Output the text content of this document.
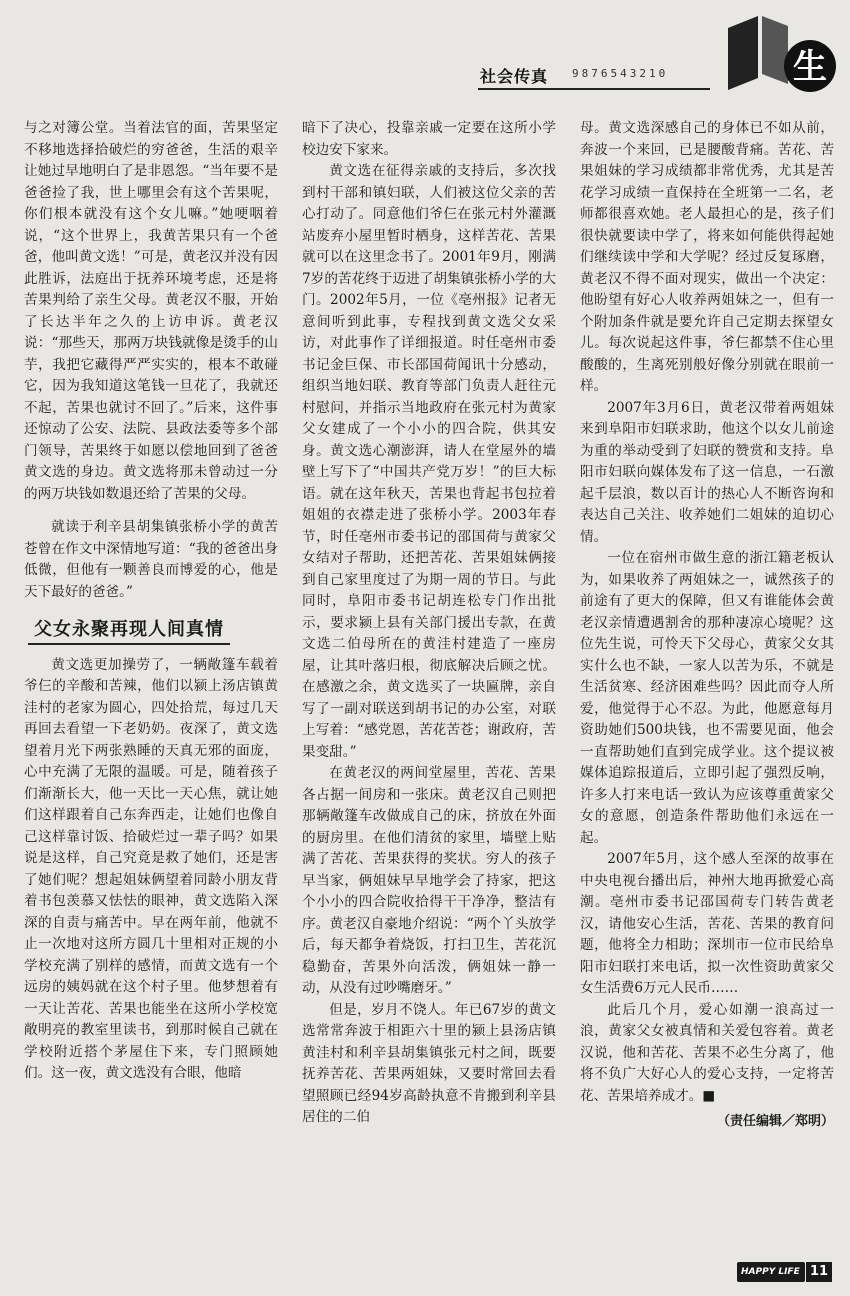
社会传真 9876543210	生

与之对簿公堂。当着法官的面，苦果坚定不移地选择拾破烂的穷爸爸，生活的艰辛让她过早地明白了是非恩怨。“当年要不是爸爸捡了我，世上哪里会有这个苦果呢，你们根本就没有这个女儿嘛。”她哽咽着说，“这个世界上，我黄苦果只有一个爸爸，他叫黄文选！”可是，黄老汉并没有因此胜诉，法庭出于抚养环境考虑，还是将苦果判给了亲生父母。黄老汉不服，开始了长达半年之久的上访申诉。黄老汉说：“那些天，那两万块钱就像是烫手的山芋，我把它藏得严严实实的，根本不敢碰它，因为我知道这笔钱一旦花了，我就还不起，苦果也就讨不回了。”后来，这件事还惊动了公安、法院、县政法委等多个部门领导，苦果终于如愿以偿地回到了爸爸黄文选的身边。黄文选将那未曾动过一分的两万块钱如数退还给了苦果的父母。

就读于利辛县胡集镇张桥小学的黄苦苍曾在作文中深情地写道：“我的爸爸出身低微，但他有一颗善良而博爱的心，他是天下最好的爸爸。”

父女永聚再现人间真情

黄文选更加操劳了，一辆敞篷车载着爷仨的辛酸和苦辣，他们以颍上汤店镇黄洼村的老家为圆心，四处拾荒，每过几天再回去看望一下老奶奶。夜深了，黄文选望着月光下两张熟睡的天真无邪的面庞，心中充满了无限的温暖。可是，随着孩子们渐渐长大，他一天比一天心焦，就让她们这样跟着自己东奔西走，让她们也像自己这样靠讨饭、拾破烂过一辈子吗？如果说是这样，自己究竟是救了她们，还是害了她们呢？想起姐妹俩望着同龄小朋友背着书包羡慕又怯怯的眼神，黄文选陷入深深的自责与痛苦中。早在两年前，他就不止一次地对这所方圆几十里相对正规的小学校充满了别样的感情，而黄文选有一个远房的姨妈就在这个村子里。他梦想着有一天让苦花、苦果也能坐在这所小学校宽敞明亮的教室里读书，到那时候自己就在学校附近搭个茅屋住下来，专门照顾她们。这一夜，黄文选没有合眼，他暗

暗下了决心，投靠亲戚一定要在这所小学校边安下家来。

黄文选在征得亲戚的支持后，多次找到村干部和镇妇联，人们被这位父亲的苦心打动了。同意他们爷仨在张元村外灌溉站废弃小屋里暂时栖身，这样苦花、苦果就可以在这里念书了。2001年9月，刚满7岁的苦花终于迈进了胡集镇张桥小学的大门。2002年5月，一位《亳州报》记者无意间听到此事，专程找到黄文选父女采访，对此事作了详细报道。时任亳州市委书记金巨保、市长邵国荷闻讯十分感动，组织当地妇联、教育等部门负责人赶往元村慰问，并指示当地政府在张元村为黄家父女建成了一个小小的四合院，供其安身。黄文选心潮澎湃，请人在堂屋外的墙壁上写下了“中国共产党万岁！”的巨大标语。就在这年秋天，苦果也背起书包拉着姐姐的衣襟走进了张桥小学。2003年春节，时任亳州市委书记的邵国荷与黄家父女结对子帮助，还把苦花、苦果姐妹俩接到自己家里度过了为期一周的节日。与此同时，阜阳市委书记胡连松专门作出批示，要求颍上县有关部门援出专款，在黄文选二伯母所在的黄洼村建造了一座房屋，让其叶落归根，彻底解决后顾之忧。在感激之余，黄文选买了一块匾牌，亲自写了一副对联送到胡书记的办公室，对联上写着：“感党恩，苦花苦苍；谢政府，苦果变甜。”

在黄老汉的两间堂屋里，苦花、苦果各占据一间房和一张床。黄老汉自己则把那辆敞篷车改做成自己的床，挤放在外面的厨房里。在他们清贫的家里，墙壁上贴满了苦花、苦果获得的奖状。穷人的孩子早当家，俩姐妹早早地学会了持家，把这个小小的四合院收拾得干干净净，整洁有序。黄老汉自豪地介绍说：“两个丫头放学后，每天都争着烧饭，打扫卫生，苦花沉稳勤奋，苦果外向活泼，俩姐妹一静一动，从没有过吵嘴磨牙。”

但是，岁月不饶人。年已67岁的黄文选常常奔波于相距六十里的颍上县汤店镇黄洼村和利辛县胡集镇张元村之间，既要抚养苦花、苦果两姐妹，又要时常回去看望照顾已经94岁高龄执意不肯搬到利辛县居住的二伯

母。黄文选深感自己的身体已不如从前，奔波一个来回，已是腰酸背痛。苦花、苦果姐妹的学习成绩都非常优秀，尤其是苦花学习成绩一直保持在全班第一二名，老师都很喜欢她。老人最担心的是，孩子们很快就要读中学了，将来如何能供得起她们继续读中学和大学呢？经过反复琢磨，黄老汉不得不面对现实，做出一个决定：他盼望有好心人收养两姐妹之一，但有一个附加条件就是要允许自己定期去探望女儿。每次说起这件事，爷仨都禁不住心里酸酸的，生离死别般好像分别就在眼前一样。

2007年3月6日，黄老汉带着两姐妹来到阜阳市妇联求助，他这个以女儿前途为重的举动受到了妇联的赞赏和支持。阜阳市妇联向媒体发布了这一信息，一石激起千层浪，数以百计的热心人不断咨询和表达自己关注、收养她们二姐妹的迫切心情。

一位在宿州市做生意的浙江籍老板认为，如果收养了两姐妹之一，诚然孩子的前途有了更大的保障，但又有谁能体会黄老汉亲情遭遇割舍的那种凄凉心境呢？这位先生说，可怜天下父母心，黄家父女其实什么也不缺，一家人以苦为乐，不就是生活贫寒、经济困难些吗？因此而夺人所爱，他觉得于心不忍。为此，他愿意每月资助她们500块钱，也不需要见面，他会一直帮助她们直到完成学业。这个提议被媒体追踪报道后，立即引起了强烈反响，许多人打来电话一致认为应该尊重黄家父女的意愿，创造条件帮助他们永远在一起。

2007年5月，这个感人至深的故事在中央电视台播出后，神州大地再掀爱心高潮。亳州市委书记邵国荷专门转告黄老汉，请他安心生活，苦花、苦果的教育问题，他将全力相助；深圳市一位市民给阜阳市妇联打来电话，拟一次性资助黄家父女生活费6万元人民币……

此后几个月，爱心如潮一浪高过一浪，黄家父女被真情和关爱包容着。黄老汉说，他和苦花、苦果不必生分离了，他将不负广大好心人的爱心支持，一定将苦花、苦果培养成才。■

（责任编辑／郑明）
HAPPY LIFE 11
